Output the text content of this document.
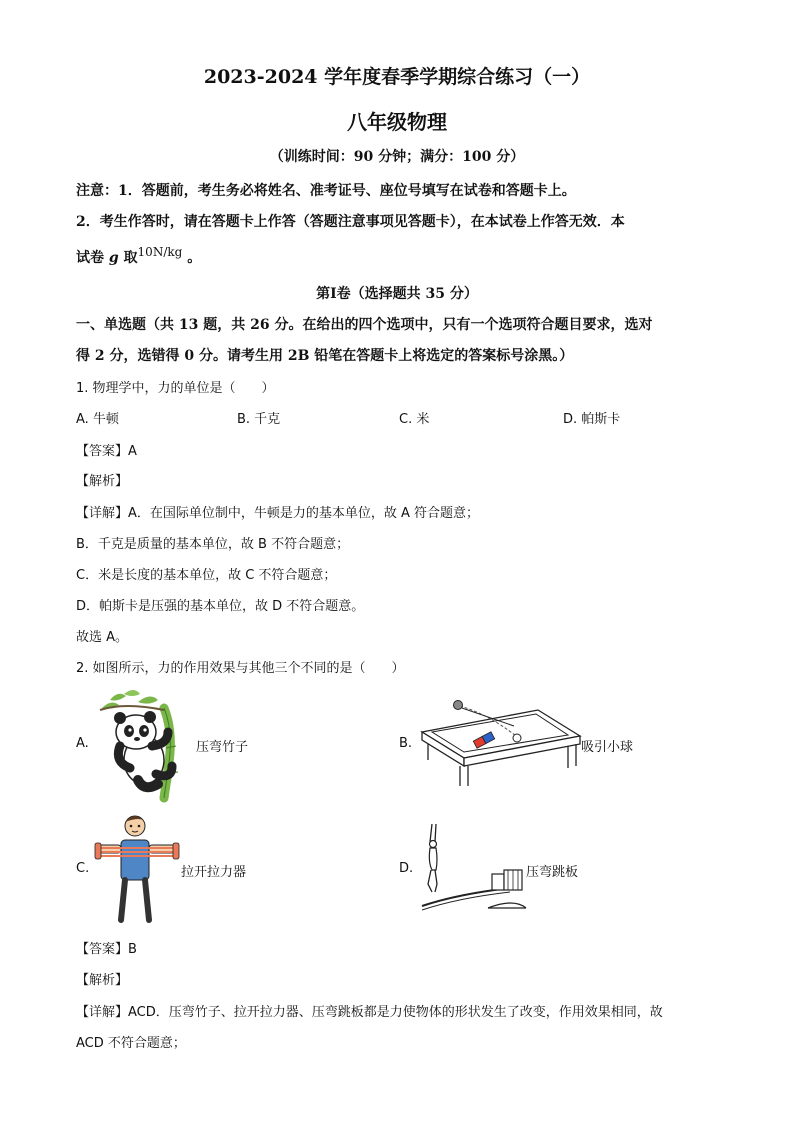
2023-2024 学年度春季学期综合练习（一）
八年级物理
（训练时间：90 分钟；满分：100 分）
注意：1．答题前，考生务必将姓名、准考证号、座位号填写在试卷和答题卡上。
2．考生作答时，请在答题卡上作答（答题注意事项见答题卡），在本试卷上作答无效．本
试卷 g 取10N/kg 。
第Ⅰ卷（选择题共 35 分）
一、单选题（共 13 题，共 26 分。在给出的四个选项中，只有一个选项符合题目要求，选对
得 2 分，选错得 0 分。请考生用 2B 铅笔在答题卡上将选定的答案标号涂黑。）
1. 物理学中，力的单位是（　　）
A. 牛顿	B. 千克	C. 米	D. 帕斯卡
【答案】A
【解析】
【详解】A．在国际单位制中，牛顿是力的基本单位，故 A 符合题意；
B．千克是质量的基本单位，故 B 不符合题意；
C．米是长度的基本单位，故 C 不符合题意；
D．帕斯卡是压强的基本单位，故 D 不符合题意。
故选 A。
2. 如图所示，力的作用效果与其他三个不同的是（　　）
A.	压弯竹子	B.	吸引小球
C.	拉开拉力器	D.	压弯跳板
【答案】B
【解析】
【详解】ACD．压弯竹子、拉开拉力器、压弯跳板都是力使物体的形状发生了改变，作用效果相同，故
ACD 不符合题意；
